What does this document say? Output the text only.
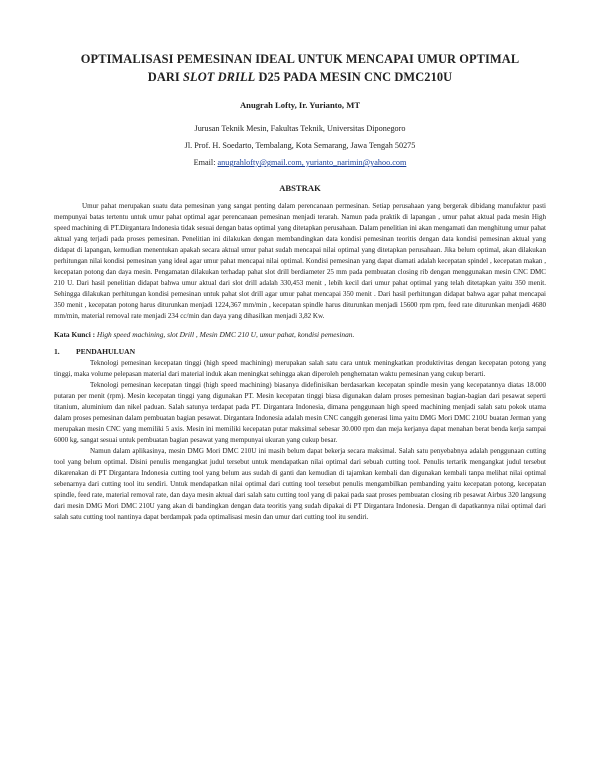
OPTIMALISASI PEMESINAN IDEAL UNTUK MENCAPAI UMUR OPTIMAL
DARI SLOT DRILL D25 PADA MESIN CNC DMC210U
Anugrah Lofty, Ir. Yurianto, MT
Jurusan Teknik Mesin, Fakultas Teknik, Universitas Diponegoro
Jl. Prof. H. Soedarto, Tembalang, Kota Semarang, Jawa Tengah 50275
Email: anugrahlofty@gmail.com, yurianto_narimin@yahoo.com
ABSTRAK

Umur pahat merupakan suatu data pemesinan yang sangat penting dalam perencanaan permesinan. Setiap perusahaan yang bergerak dibidang manufaktur pasti mempunyai batas tertentu untuk umur pahat optimal agar perencanaan pemesinan menjadi terarah. Namun pada praktik di lapangan , umur pahat aktual pada mesin High speed machining di PT.Dirgantara Indonesia tidak sesuai dengan batas optimal yang ditetapkan perusahaan. Dalam penelitian ini akan mengamati dan menghitung umur pahat aktual yang terjadi pada proses pemesinan. Penelitian ini dilakukan dengan membandingkan data kondisi pemesinan teoritis dengan data kondisi pemesinan aktual yang didapat di lapangan, kemudian menentukan apakah secara aktual umur pahat sudah mencapai nilai optimal yang ditetapkan perusahaan. Jika belum optimal, akan dilakukan perhitungan nilai kondisi pemesinan yang ideal agar umur pahat mencapai nilai optimal. Kondisi pemesinan yang dapat diamati adalah kecepatan spindel , kecepatan makan , kecepatan potong dan daya mesin. Pengamatan dilakukan terhadap pahat slot drill berdiameter 25 mm pada pembuatan closing rib dengan menggunakan mesin CNC DMC 210 U. Dari hasil penelitian didapat bahwa umur aktual dari slot drill adalah 330,453 menit , lebih kecil dari umur pahat optimal yang telah ditetapkan yaitu 350 menit. Sehingga dilakukan perhitungan kondisi pemesinan untuk pahat slot drill agar umur pahat mencapai 350 menit . Dari hasil perhitungan didapat bahwa agar pahat mencapai 350 menit , kecepatan potong harus diturunkan menjadi 1224,367 mm/min , kecepatan spindle harus diturunkan menjadi 15600 rpm rpm, feed rate diturunkan menjadi 4680 mm/min, material removal rate menjadi 234 cc/min dan daya yang dihasilkan menjadi 3,82 Kw.

Kata Kunci : High speed machining, slot Drill , Mesin DMC 210 U, umur pahat, kondisi pemesinan.
1.	PENDAHULUAN

Teknologi pemesinan kecepatan tinggi (high speed machining) merupakan salah satu cara untuk meningkatkan produktivitas dengan kecepatan potong yang tinggi, maka volume pelepasan material dari material induk akan meningkat sehingga akan diperoleh penghematan waktu pemesinan yang cukup berarti.

Teknologi pemesinan kecepatan tinggi (high speed machining) biasanya didefinisikan berdasarkan kecepatan spindle mesin yang kecepatannya diatas 18.000 putaran per menit (rpm). Mesin kecepatan tinggi yang digunakan PT. Mesin kecepatan tinggi biasa digunakan dalam proses pemesinan bagian-bagian dari pesawat seperti titanium, aluminium dan nikel paduan. Salah satunya terdapat pada PT. Dirgantara Indonesia, dimana penggunaan high speed machining menjadi salah satu pokok utama dalam proses pemesinan dalam pembuatan bagian pesawat. Dirgantara Indonesia adalah mesin CNC canggih generasi lima yaitu DMG Mori DMC 210U buatan Jerman yang merupakan mesin CNC yang memiliki 5 axis. Mesin ini memiliki kecepatan putar maksimal sebesar 30.000 rpm dan meja kerjanya dapat menahan berat benda kerja sampai 6000 kg, sangat sesuai untuk pembuatan bagian pesawat yang mempunyai ukuran yang cukup besar.

Namun dalam aplikasinya, mesin DMG Mori DMC 210U ini masih belum dapat bekerja secara maksimal. Salah satu penyebabnya adalah penggunaan cutting tool yang belum optimal. Disini penulis mengangkat judul tersebut untuk mendapatkan nilai optimal dari sebuah cutting tool. Penulis tertarik mengangkat judul tersebut dikarenakan di PT Dirgantara Indonesia cutting tool yang belum aus sudah di ganti dan kemudian di tajamkan kembali dan digunakan kembali tanpa melihat nilai optimal sebenarnya dari cutting tool itu sendiri. Untuk mendapatkan nilai optimal dari cutting tool tersebut penulis mengambilkan pembanding yaitu kecepatan potong, kecepatan spindle, feed rate, material removal rate, dan daya mesin aktual dari salah satu cutting tool yang di pakai pada saat proses pembuatan closing rib pesawat Airbus 320 langsung dari mesin DMG Mori DMC 210U yang akan di bandingkan dengan data teoritis yang sudah dipakai di PT Dirgantara Indonesia. Dengan di dapatkannya nilai optimal dari salah satu cutting tool nantinya dapat berdampak pada optimalisasi mesin dan umur dari cutting tool itu sendiri.
